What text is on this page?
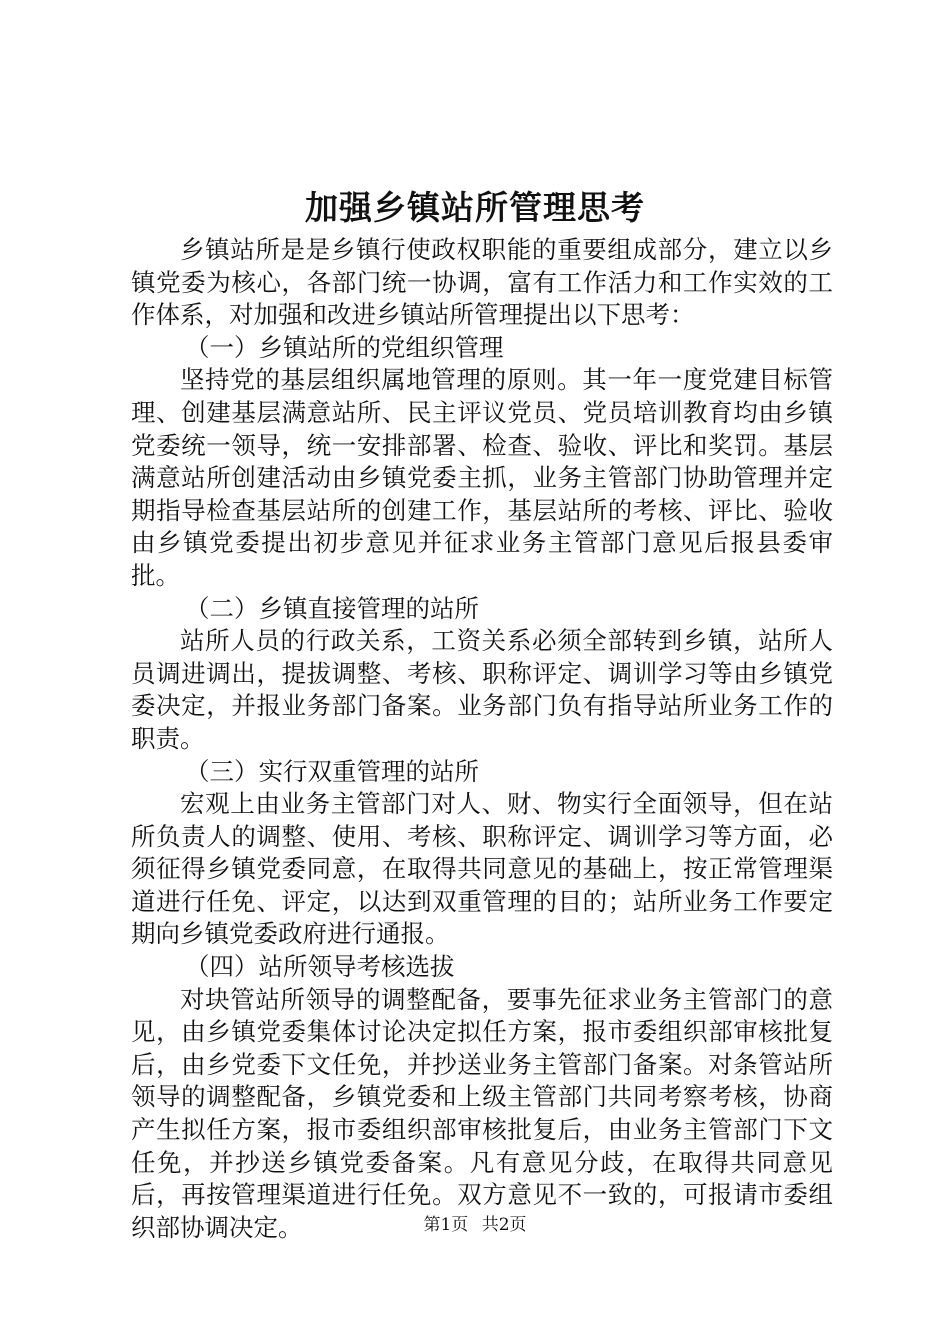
加强乡镇站所管理思考

乡镇站所是是乡镇行使政权职能的重要组成部分，建立以乡镇党委为核心，各部门统一协调，富有工作活力和工作实效的工作体系，对加强和改进乡镇站所管理提出以下思考：

（一）乡镇站所的党组织管理

坚持党的基层组织属地管理的原则。其一年一度党建目标管理、创建基层满意站所、民主评议党员、党员培训教育均由乡镇党委统一领导，统一安排部署、检查、验收、评比和奖罚。基层满意站所创建活动由乡镇党委主抓，业务主管部门协助管理并定期指导检查基层站所的创建工作，基层站所的考核、评比、验收由乡镇党委提出初步意见并征求业务主管部门意见后报县委审批。

（二）乡镇直接管理的站所

站所人员的行政关系，工资关系必须全部转到乡镇，站所人员调进调出，提拔调整、考核、职称评定、调训学习等由乡镇党委决定，并报业务部门备案。业务部门负有指导站所业务工作的职责。

（三）实行双重管理的站所

宏观上由业务主管部门对人、财、物实行全面领导，但在站所负责人的调整、使用、考核、职称评定、调训学习等方面，必须征得乡镇党委同意，在取得共同意见的基础上，按正常管理渠道进行任免、评定，以达到双重管理的目的；站所业务工作要定期向乡镇党委政府进行通报。

（四）站所领导考核选拔

对块管站所领导的调整配备，要事先征求业务主管部门的意见，由乡镇党委集体讨论决定拟任方案，报市委组织部审核批复后，由乡党委下文任免，并抄送业务主管部门备案。对条管站所领导的调整配备，乡镇党委和上级主管部门共同考察考核，协商产生拟任方案，报市委组织部审核批复后，由业务主管部门下文任免，并抄送乡镇党委备案。凡有意见分歧，在取得共同意见后，再按管理渠道进行任免。双方意见不一致的，可报请市委组织部协调决定。	第1页 共2页
